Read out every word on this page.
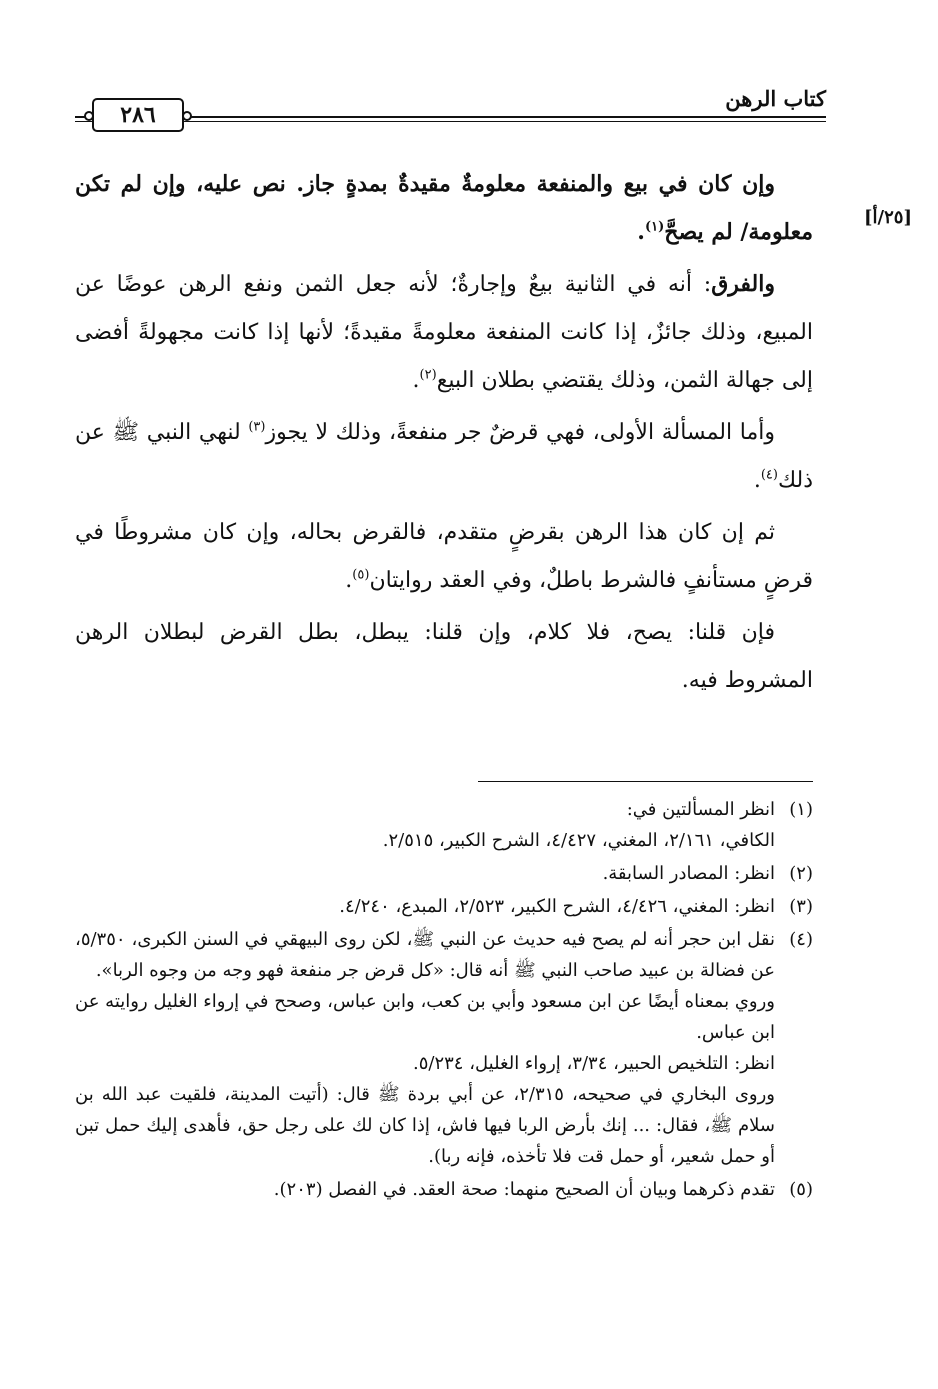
كتاب الرهن
٢٨٦
[٢٥/أ]

وإن كان في بيع والمنفعة معلومةٌ مقيدةٌ بمدةٍ جاز. نص عليه، وإن لم تكن معلومة/ لم يصحَّ$^{(١)}$.

والفرق: أنه في الثانية بيعٌ وإجارةٌ؛ لأنه جعل الثمن ونفع الرهن عوضًا عن المبيع، وذلك جائزٌ، إذا كانت المنفعة معلومةً مقيدةً؛ لأنها إذا كانت مجهولةً أفضى إلى جهالة الثمن، وذلك يقتضي بطلان البيع$^{(٢)}$.

وأما المسألة الأولى، فهي قرضٌ جر منفعةً، وذلك لا يجوز$^{(٣)}$ لنهي النبي ﷺ عن ذلك$^{(٤)}$.

ثم إن كان هذا الرهن بقرضٍ متقدم، فالقرض بحاله، وإن كان مشروطًا في قرضٍ مستأنفٍ فالشرط باطلٌ، وفي العقد روايتان$^{(٥)}$.

فإن قلنا: يصح، فلا كلام، وإن قلنا: يبطل، بطل القرض لبطلان الرهن المشروط فيه.

(١)
انظر المسألتين في:
الكافي، ٢/١٦١، المغني، ٤/٤٢٧، الشرح الكبير، ٢/٥١٥.
(٢)
انظر: المصادر السابقة.
(٣)
انظر: المغني، ٤/٤٢٦، الشرح الكبير، ٢/٥٢٣، المبدع، ٤/٢٤٠.
(٤)
نقل ابن حجر أنه لم يصح فيه حديث عن النبي ﷺ، لكن روى البيهقي في السنن الكبرى، ٥/٣٥٠، عن فضالة بن عبيد صاحب النبي ﷺ أنه قال: «كل قرض جر منفعة فهو وجه من وجوه الربا».
وروي بمعناه أيضًا عن ابن مسعود وأبي بن كعب، وابن عباس، وصحح في إرواء الغليل روايته عن ابن عباس.
انظر: التلخيص الحبير، ٣/٣٤، إرواء الغليل، ٥/٢٣٤.
وروى البخاري في صحيحه، ٢/٣١٥، عن أبي بردة ﷺ قال: (أتيت المدينة، فلقيت عبد الله بن سلام ﷺ، فقال: ... إنك بأرض الربا فيها فاش، إذا كان لك على رجل حق، فأهدى إليك حمل تبن أو حمل شعير، أو حمل قت فلا تأخذه، فإنه ربا).
(٥)
تقدم ذكرهما وبيان أن الصحيح منهما: صحة العقد. في الفصل (٢٠٣).
